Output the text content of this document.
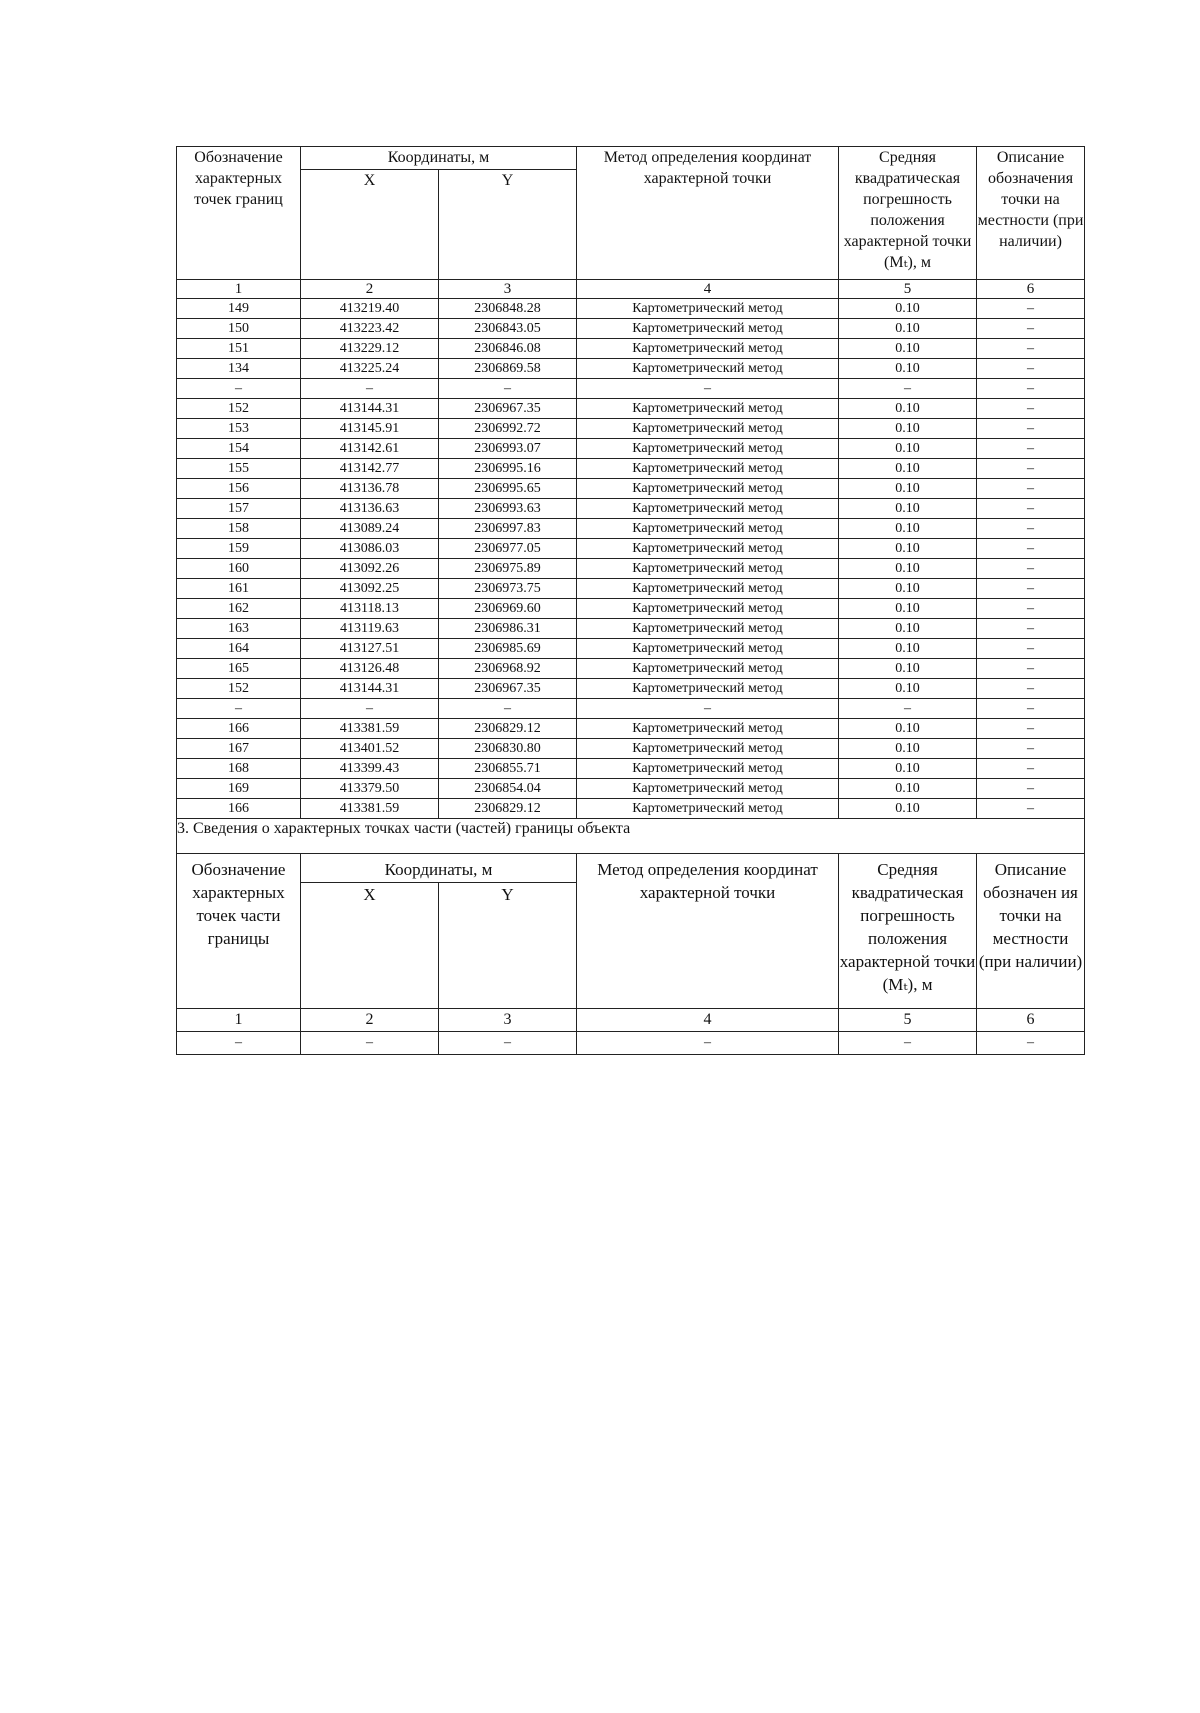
Обозначение характерных точек границ	Координаты, м		Метод определения координат характерной точки	Средняя квадратическая погрешность положения характерной точки (Mₜ), м	Описание обозначения точки на местности (при наличии)
	X	Y			
1	2	3	4	5	6
149	413219.40	2306848.28	Картометрический метод	0.10	–
150	413223.42	2306843.05	Картометрический метод	0.10	–
151	413229.12	2306846.08	Картометрический метод	0.10	–
134	413225.24	2306869.58	Картометрический метод	0.10	–
–	–	–	–	–	–
152	413144.31	2306967.35	Картометрический метод	0.10	–
153	413145.91	2306992.72	Картометрический метод	0.10	–
154	413142.61	2306993.07	Картометрический метод	0.10	–
155	413142.77	2306995.16	Картометрический метод	0.10	–
156	413136.78	2306995.65	Картометрический метод	0.10	–
157	413136.63	2306993.63	Картометрический метод	0.10	–
158	413089.24	2306997.83	Картометрический метод	0.10	–
159	413086.03	2306977.05	Картометрический метод	0.10	–
160	413092.26	2306975.89	Картометрический метод	0.10	–
161	413092.25	2306973.75	Картометрический метод	0.10	–
162	413118.13	2306969.60	Картометрический метод	0.10	–
163	413119.63	2306986.31	Картометрический метод	0.10	–
164	413127.51	2306985.69	Картометрический метод	0.10	–
165	413126.48	2306968.92	Картометрический метод	0.10	–
152	413144.31	2306967.35	Картометрический метод	0.10	–
–	–	–	–	–	–
166	413381.59	2306829.12	Картометрический метод	0.10	–
167	413401.52	2306830.80	Картометрический метод	0.10	–
168	413399.43	2306855.71	Картометрический метод	0.10	–
169	413379.50	2306854.04	Картометрический метод	0.10	–
166	413381.59	2306829.12	Картометрический метод	0.10	–
3. Сведения о характерных точках части (частей) границы объекта					
Обозначение характерных точек части границы	Координаты, м		Метод определения координат характерной точки	Средняя квадратическая погрешность положения характерной точки (Mₜ), м	Описание обозначен ия точки на местности (при наличии)
	X	Y			
1	2	3	4	5	6
–	–	–	–	–	–
